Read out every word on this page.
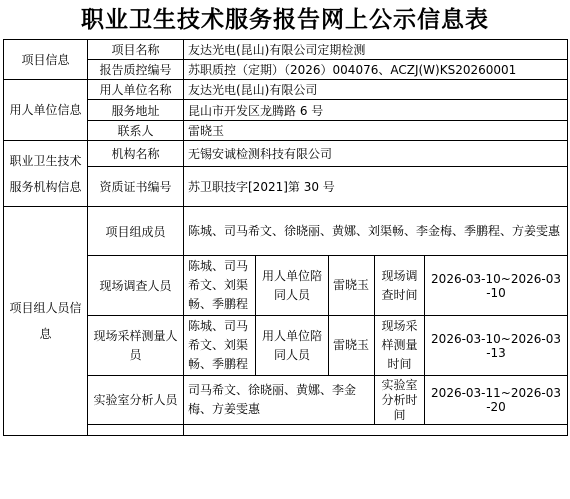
职业卫生技术服务报告网上公示信息表
项目信息	项目名称	友达光电(昆山)有限公司定期检测				
	报告质控编号	苏职质控（定期）（2026）004076、ACZJ(W)KS20260001				
用人单位信息	用人单位名称	友达光电(昆山)有限公司				
	服务地址	昆山市开发区龙腾路 6 号				
	联系人	雷晓玉				
职业卫生技术服务机构信息	机构名称	无锡安诚检测科技有限公司				
	资质证书编号	苏卫职技字[2021]第 30 号				
项目组人员信息	项目组成员	陈城、司马希文、徐晓丽、黄娜、刘渠畅、李金梅、季鹏程、方姜雯惠				
	现场调查人员	陈城、司马希文、刘渠畅、季鹏程	用人单位陪同人员	雷晓玉	现场调查时间	2026-03-10~2026-03-10
	现场采样测量人员	陈城、司马希文、刘渠畅、季鹏程	用人单位陪同人员	雷晓玉	现场采样测量时间	2026-03-10~2026-03-13
	实验室分析人员	司马希文、徐晓丽、黄娜、李金梅、方姜雯惠			实验室分析时间	2026-03-11~2026-03-20
